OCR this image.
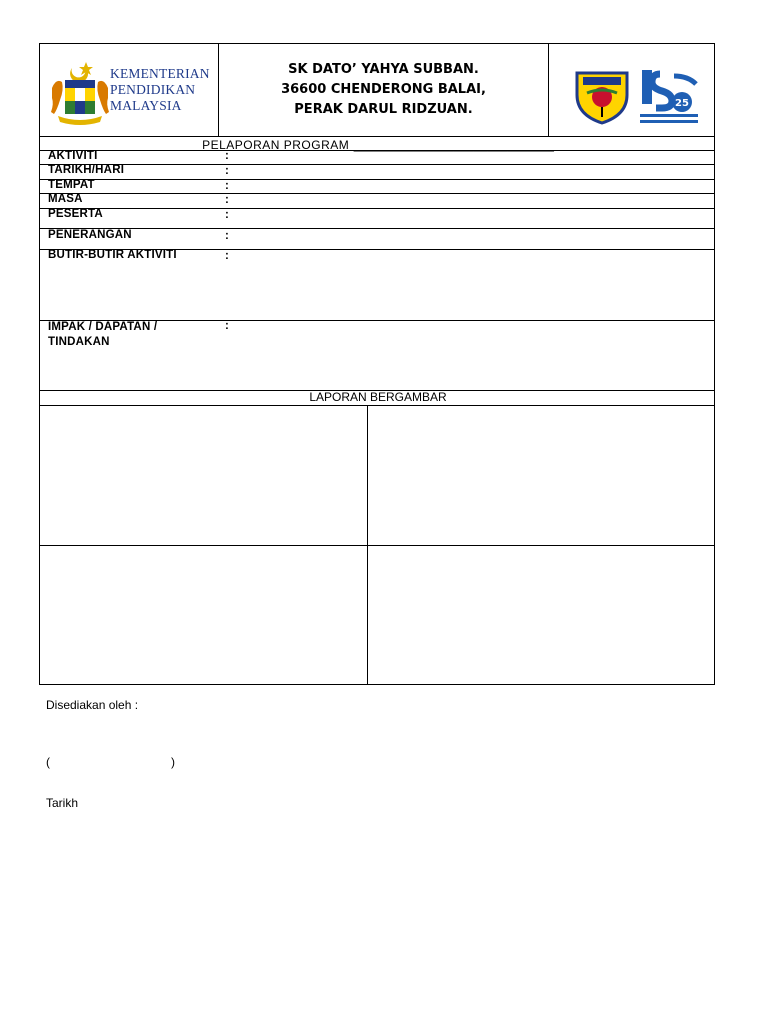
KEMENTERIAN
PENDIDIKAN
MALAYSIA
SK DATO’ YAHYA SUBBAN.
36600 CHENDERONG BALAI,
PERAK DARUL RIDZUAN.	25
PELAPORAN PROGRAM ______________________________
AKTIVITI	:
TARIKH/HARI	:
TEMPAT	:
MASA	:
PESERTA	:
PENERANGAN	:
BUTIR-BUTIR AKTIVITI	:
IMPAK / DAPATAN /
TINDAKAN
:
LAPORAN BERGAMBAR
Disediakan oleh :
(	)
Tarikh
